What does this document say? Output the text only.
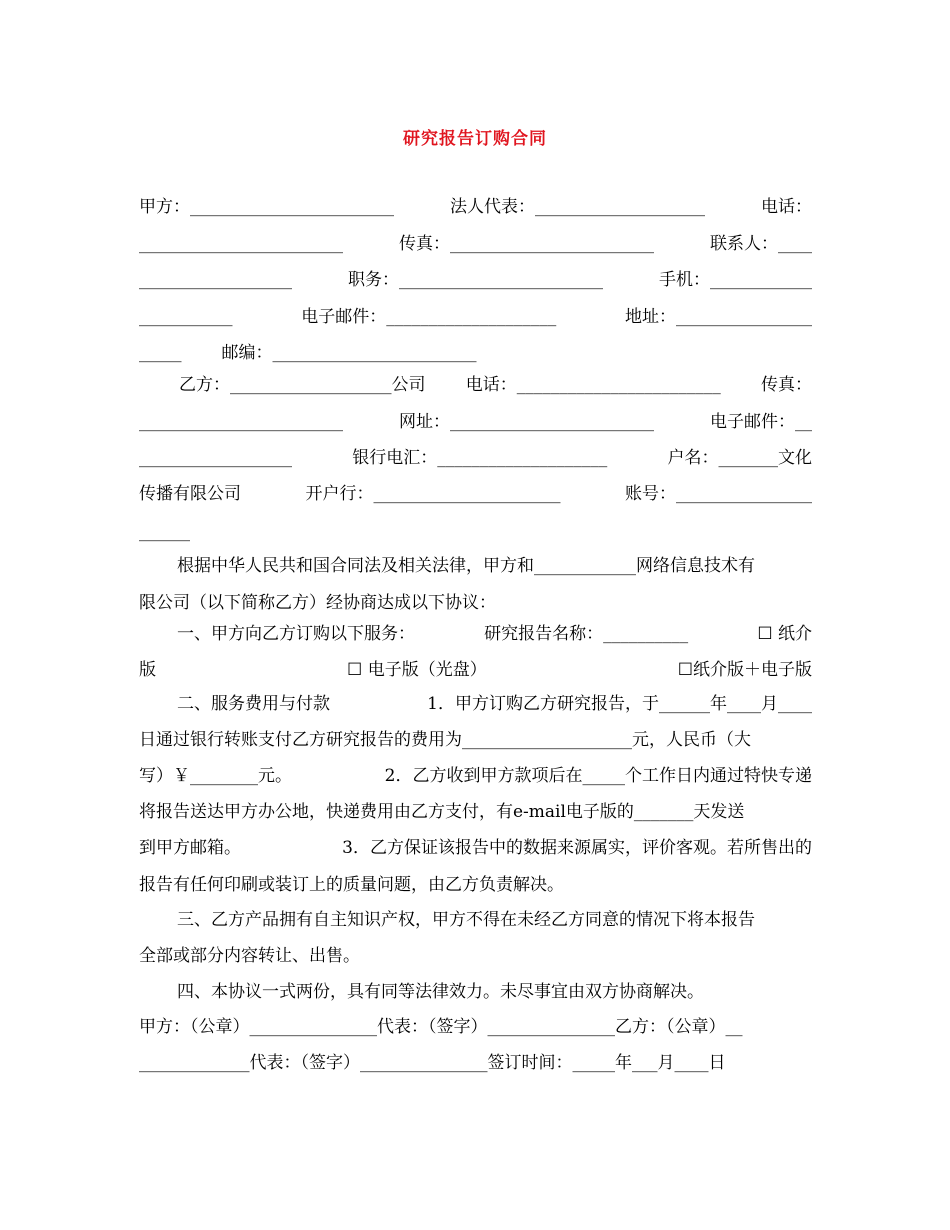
研究报告订购合同
甲方：________________________	法人代表：____________________	电话：
________________________	传真：________________________	联系人：____
__________________	职务：________________________	手机：____________
___________	电子邮件：____________________	地址：________________
_____ 邮编：________________________
乙方：___________________公司 电话：________________________ 传真：
________________________	网址：________________________	电子邮件：__
__________________	银行电汇：____________________	户名：_______文化
传播有限公司	开户行：______________________	账号：________________
______
根据中华人民共和国合同法及相关法律，甲方和____________网络信息技术有
限公司（以下简称乙方）经协商达成以下协议：
一、甲方向乙方订购以下服务：	研究报告名称：__________	☐ 纸介
版	☐ 电子版（光盘）	☐纸介版＋电子版
二、服务费用与付款	1．甲方订购乙方研究报告，于______年____月____
日通过银行转账支付乙方研究报告的费用为____________________元，人民币（大
写）￥________元。	2．乙方收到甲方款项后在_____个工作日内通过特快专递
将报告送达甲方办公地，快递费用由乙方支付，有e-mail电子版的_______天发送
到甲方邮箱。	3．乙方保证该报告中的数据来源属实，评价客观。若所售出的
报告有任何印刷或装订上的质量问题，由乙方负责解决。
三、乙方产品拥有自主知识产权，甲方不得在未经乙方同意的情况下将本报告
全部或部分内容转让、出售。
四、本协议一式两份，具有同等法律效力。未尽事宜由双方协商解决。
甲方：（公章）_______________代表：（签字）_______________乙方：（公章）__
_____________代表：（签字）_______________签订时间：_____年___月____日
